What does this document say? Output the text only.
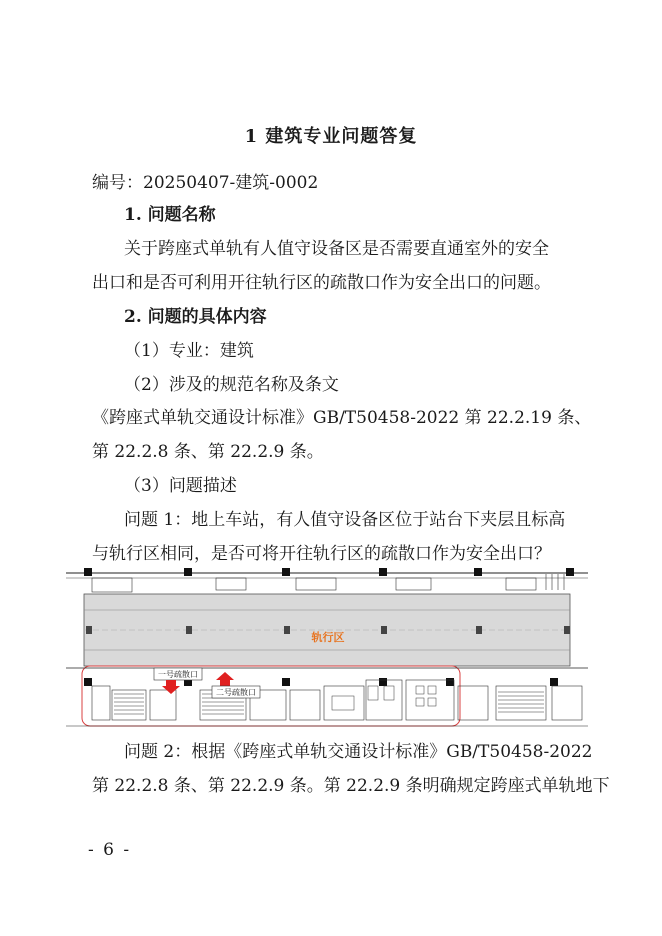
1 建筑专业问题答复
编号：20250407-建筑-0002
1. 问题名称
关于跨座式单轨有人值守设备区是否需要直通室外的安全
出口和是否可利用开往轨行区的疏散口作为安全出口的问题。
2. 问题的具体内容
（1）专业：建筑
（2）涉及的规范名称及条文
《跨座式单轨交通设计标准》GB/T50458-2022 第 22.2.19 条、
第 22.2.8 条、第 22.2.9 条。
（3）问题描述
问题 1：地上车站，有人值守设备区位于站台下夹层且标高
与轨行区相同，是否可将开往轨行区的疏散口作为安全出口？
轨行区
一号疏散口
二号疏散口
问题 2：根据《跨座式单轨交通设计标准》GB/T50458-2022
第 22.2.8 条、第 22.2.9 条。第 22.2.9 条明确规定跨座式单轨地下
- 6 -
